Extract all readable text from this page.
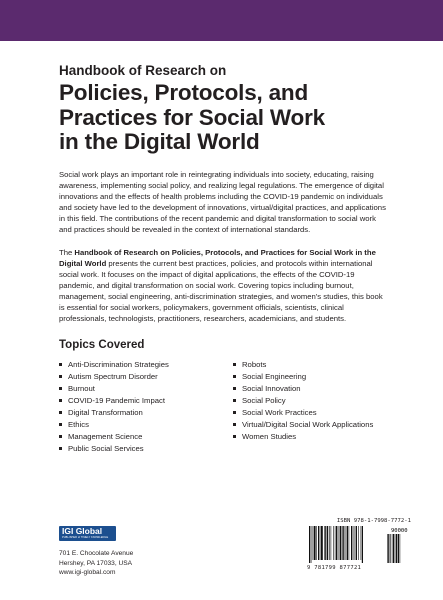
Handbook of Research on
Policies, Protocols, and
Practices for Social Work
in the Digital World

Social work plays an important role in reintegrating individuals into society, educating, raising awareness, implementing social policy, and realizing legal regulations. The emergence of digital innovations and the effects of health problems including the COVID-19 pandemic on individuals and society have led to the development of innovations, virtual/digital practices, and applications in this field. The contributions of the recent pandemic and digital transformation to social work and practices should be revealed in the context of international standards.

The Handbook of Research on Policies, Protocols, and Practices for Social Work in the Digital World presents the current best practices, policies, and protocols within international social work. It focuses on the impact of digital applications, the effects of the COVID-19 pandemic, and digital transformation on social work. Covering topics including burnout, management, social engineering, anti-discrimination strategies, and women's studies, this book is essential for social workers, policymakers, government officials, scientists, clinical professionals, technologists, practitioners, researchers, academicians, and students.

Topics Covered
Anti-Discrimination Strategies
Autism Spectrum Disorder
Burnout
COVID-19 Pandemic Impact
Digital Transformation
Ethics
Management Science
Public Social Services
Robots
Social Engineering
Social Innovation
Social Policy
Social Work Practices
Virtual/Digital Social Work Applications
Women Studies
IGI Global
PUBLISHER of TIMELY KNOWLEDGE
701 E. Chocolate Avenue
Hershey, PA 17033, USA
www.igi-global.com
ISBN 978-1-7998-7772-1
90000
9 781799 877721
